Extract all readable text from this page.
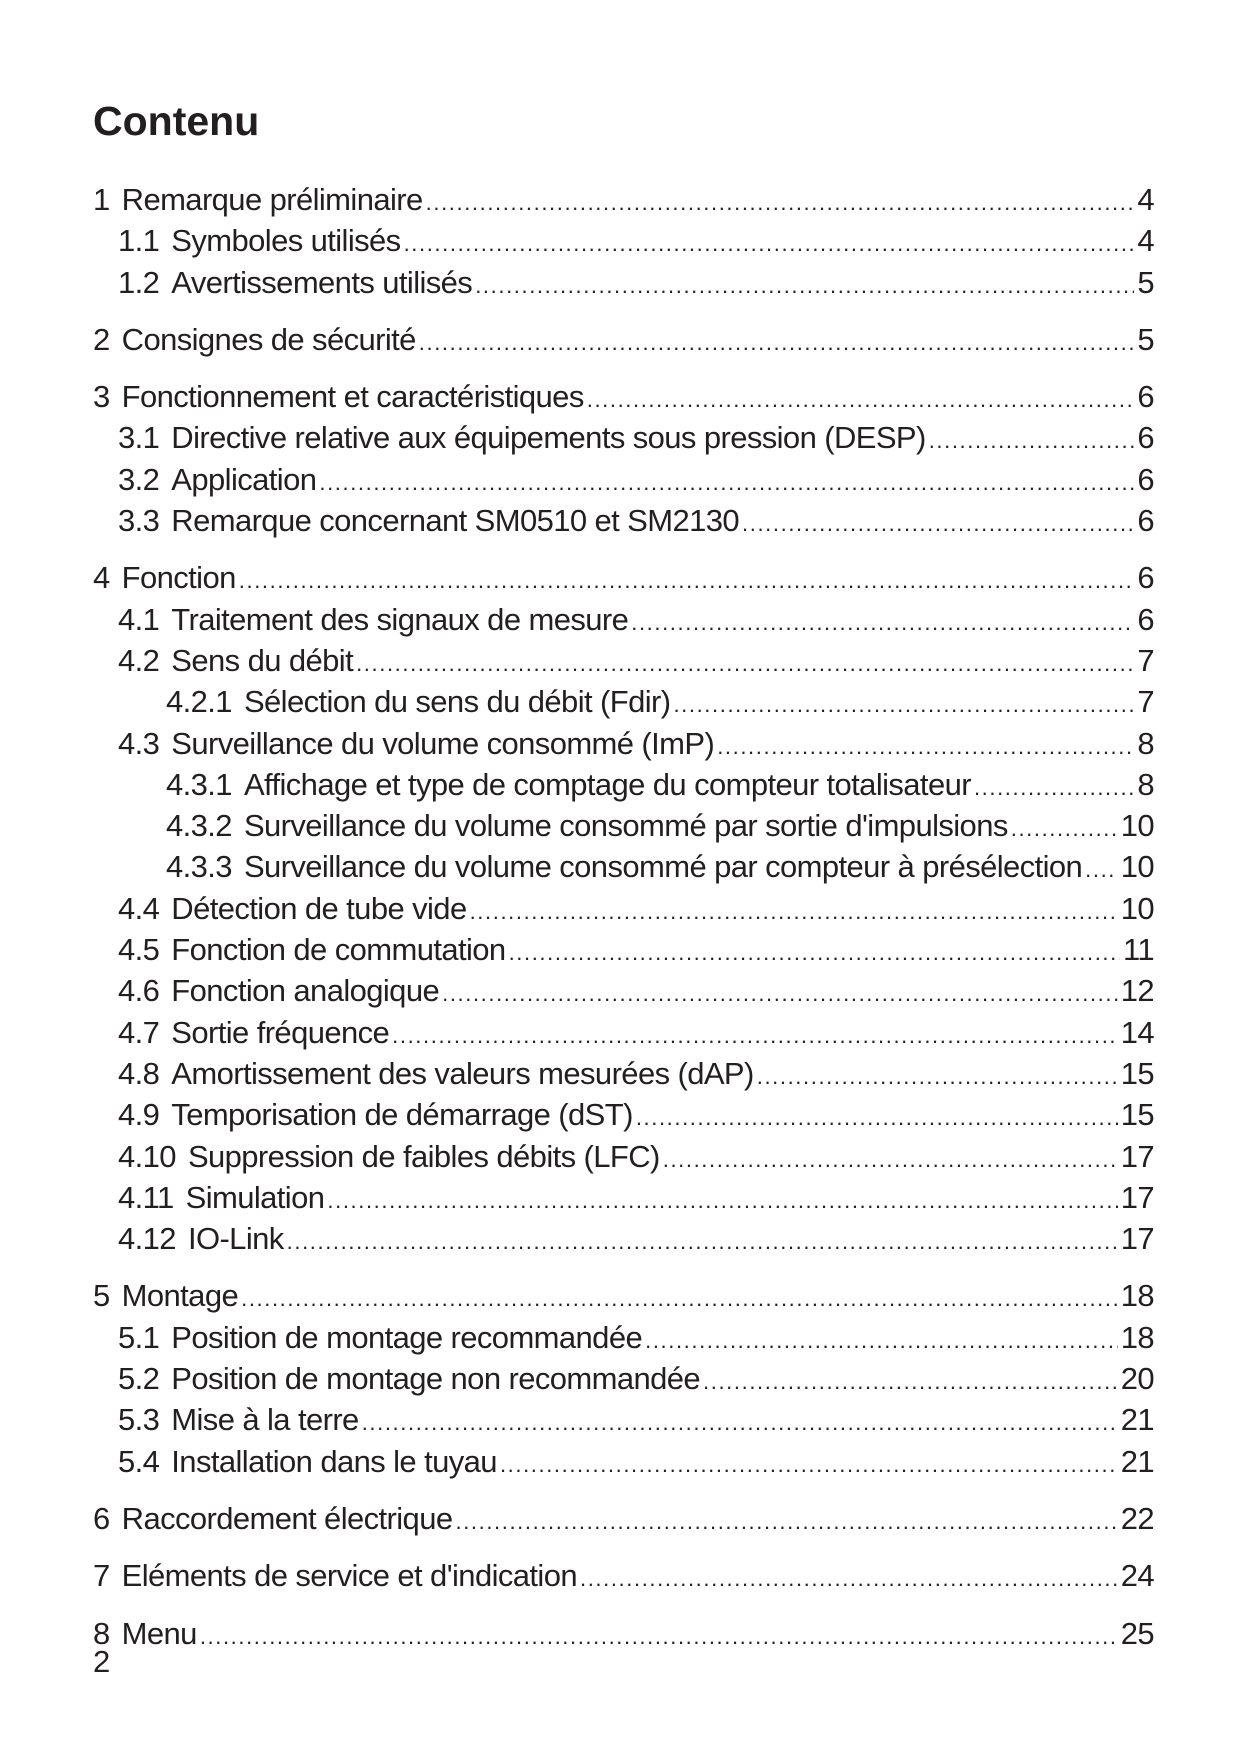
Contenu
1 Remarque préliminaire .....	4
1.1 Symboles utilisés .....	4
1.2 Avertissements utilisés .....	5
2 Consignes de sécurité .....	5
3 Fonctionnement et caractéristiques .....	6
3.1 Directive relative aux équipements sous pression (DESP) .....	6
3.2 Application .....	6
3.3 Remarque concernant SM0510 et SM2130 .....	6
4 Fonction .....	6
4.1 Traitement des signaux de mesure .....	6
4.2 Sens du débit .....	7
4.2.1 Sélection du sens du débit (Fdir) .....	7
4.3 Surveillance du volume consommé (ImP) .....	8
4.3.1 Affichage et type de comptage du compteur totalisateur .....	8
4.3.2 Surveillance du volume consommé par sortie d'impulsions .....	10
4.3.3 Surveillance du volume consommé par compteur à présélection ..... 10
4.4 Détection de tube vide .....	10
4.5 Fonction de commutation .....	11
4.6 Fonction analogique .....	12
4.7 Sortie fréquence .....	14
4.8 Amortissement des valeurs mesurées (dAP) .....	15
4.9 Temporisation de démarrage (dST) .....	15
4.10 Suppression de faibles débits (LFC) .....	17
4.11 Simulation .....	17
4.12 IO-Link .....	17
5 Montage .....	18
5.1 Position de montage recommandée .....	18
5.2 Position de montage non recommandée .....	20
5.3 Mise à la terre .....	21
5.4 Installation dans le tuyau .....	21
6 Raccordement électrique .....	22
7 Eléments de service et d'indication .....	24
8 Menu .....	25
2
